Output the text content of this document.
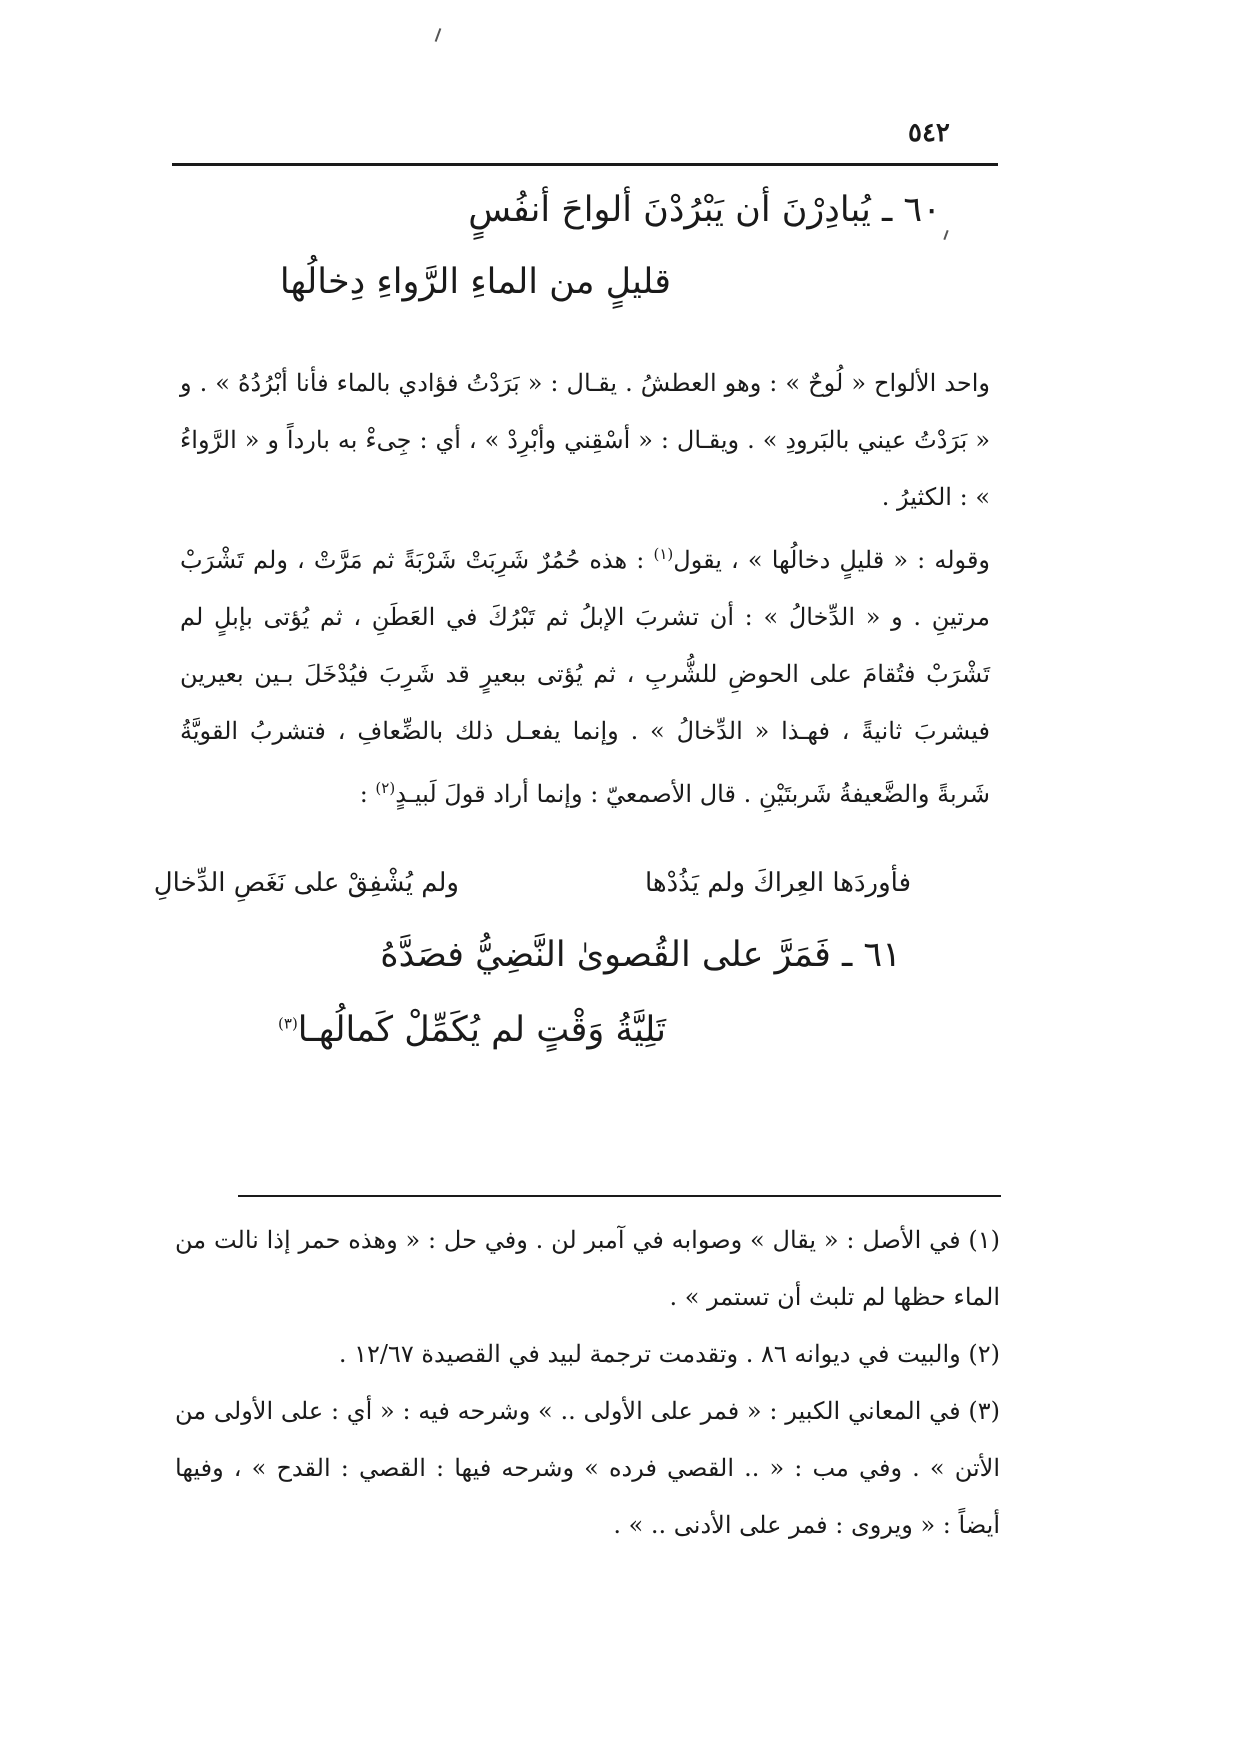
٥٤٢
٦٠ ـ يُبادِرْنَ أن يَبْرُدْنَ ألواحَ أنفُسٍ
قليلٍ من الماءِ الرَّواءِ دِخالُها

واحد الألواح « لُوحٌ » : وهو العطشُ . يقـال : « بَرَدْتُ فؤادي بالماء فأنا أبْرُدُهُ » . و « بَرَدْتُ عيني بالبَرودِ » . ويقـال : « أسْقِني وأبْرِدْ » ، أي : جِىءْ به بارداً و « الرَّواءُ » : الكثيرُ .

وقوله : « قليلٍ دخالُها » ، يقول$^{(١)}$ : هذه حُمُرٌ شَرِبَتْ شَرْبَةً ثم مَرَّتْ ، ولم تَشْرَبْ مرتينِ . و « الدِّخالُ » : أن تشربَ الإبلُ ثم تَبْرُكَ في العَطَنِ ، ثم يُؤتى بإبلٍ لم تَشْرَبْ فتُقامَ على الحوضِ للشُّربِ ، ثم يُؤتى ببعيرٍ قد شَرِبَ فيُدْخَلَ بـين بعيرين فيشربَ ثانيةً ، فهـذا « الدِّخالُ » . وإنما يفعـل ذلك بالضِّعافِ ، فتشربُ القويَّةُ شَربةً والضَّعيفةُ شَربتَيْنِ . قال الأصمعيّ : وإنما أراد قولَ لَبيـدٍ$^{(٢)}$ :

فأوردَها العِراكَ ولم يَذُدْها
ولم يُشْفِقْ على نَغَصِ الدِّخالِ
٦١ ـ فَمَرَّ على القُصوىٰ النَّضِيُّ فصَدَّهُ
تَلِيَّةُ وَقْتٍ لم يُكَمِّلْ كَمالُهـا$^{(٣)}$

(١) في الأصل : « يقال » وصوابه في آمبر لن . وفي حل : « وهذه حمر إذا نالت من الماء حظها لم تلبث أن تستمر » .

(٢) والبيت في ديوانه ٨٦ . وتقدمت ترجمة لبيد في القصيدة ١٢/٦٧ .

(٣) في المعاني الكبير : « فمر على الأولى .. » وشرحه فيه : « أي : على الأولى من الأتن » . وفي مب : « .. القصي فرده » وشرحه فيها : القصي : القدح » ، وفيها أيضاً : « ويروى : فمر على الأدنى .. » .
